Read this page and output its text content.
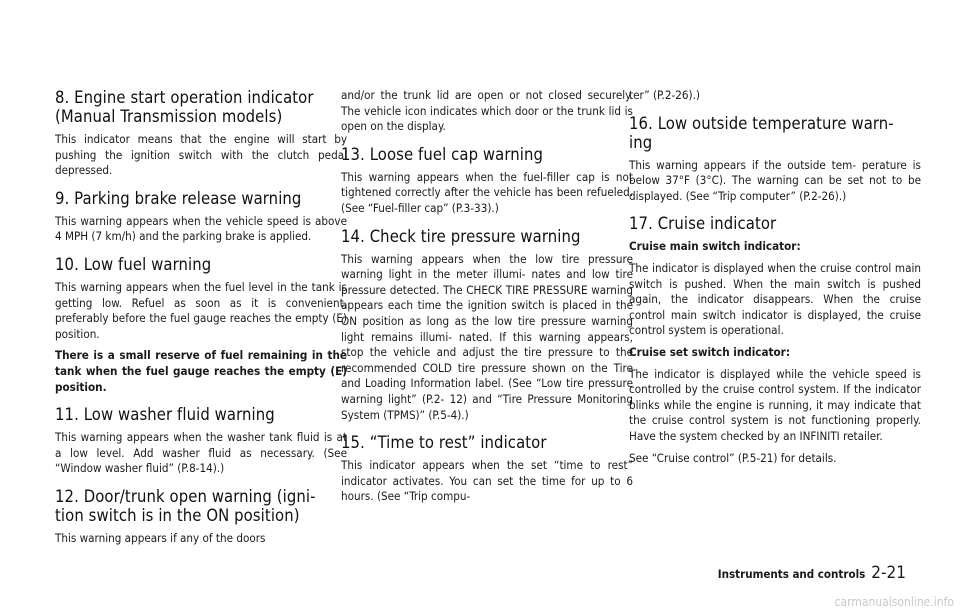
8. Engine start operation indicator (Manual Transmission models)

This indicator means that the engine will start by pushing the ignition switch with the clutch pedal depressed.

9. Parking brake release warning

This warning appears when the vehicle speed is above 4 MPH (7 km/h) and the parking brake is applied.

10. Low fuel warning

This warning appears when the fuel level in the tank is getting low. Refuel as soon as it is convenient, preferably before the fuel gauge reaches the empty (E) position.

There is a small reserve of fuel remaining in the tank when the fuel gauge reaches the empty (E) position.

11. Low washer fluid warning

This warning appears when the washer tank fluid is at a low level. Add washer fluid as necessary. (See “Window washer fluid” (P.8-14).)

12. Door/trunk open warning (igni- tion switch is in the ON position)

This warning appears if any of the doors

and/or the trunk lid are open or not closed securely. The vehicle icon indicates which door or the trunk lid is open on the display.

13. Loose fuel cap warning

This warning appears when the fuel-filler cap is not tightened correctly after the vehicle has been refueled. (See “Fuel-filler cap” (P.3-33).)

14. Check tire pressure warning

This warning appears when the low tire pressure warning light in the meter illumi- nates and low tire pressure detected. The CHECK TIRE PRESSURE warning appears each time the ignition switch is placed in the ON position as long as the low tire pressure warning light remains illumi- nated. If this warning appears, stop the vehicle and adjust the tire pressure to the recommended COLD tire pressure shown on the Tire and Loading Information label. (See “Low tire pressure warning light” (P.2- 12) and “Tire Pressure Monitoring System (TPMS)” (P.5-4).)

15. “Time to rest” indicator

This indicator appears when the set “time to rest” indicator activates. You can set the time for up to 6 hours. (See “Trip compu-

ter” (P.2-26).)

16. Low outside temperature warn- ing

This warning appears if the outside tem- perature is below 37°F (3°C). The warning can be set not to be displayed. (See “Trip computer” (P.2-26).)

17. Cruise indicator

Cruise main switch indicator:

The indicator is displayed when the cruise control main switch is pushed. When the main switch is pushed again, the indicator disappears. When the cruise control main switch indicator is displayed, the cruise control system is operational.

Cruise set switch indicator:

The indicator is displayed while the vehicle speed is controlled by the cruise control system. If the indicator blinks while the engine is running, it may indicate that the cruise control system is not functioning properly. Have the system checked by an INFINITI retailer.

See “Cruise control” (P.5-21) for details.

Instruments and controls 2-21
carmanualsonline.info
